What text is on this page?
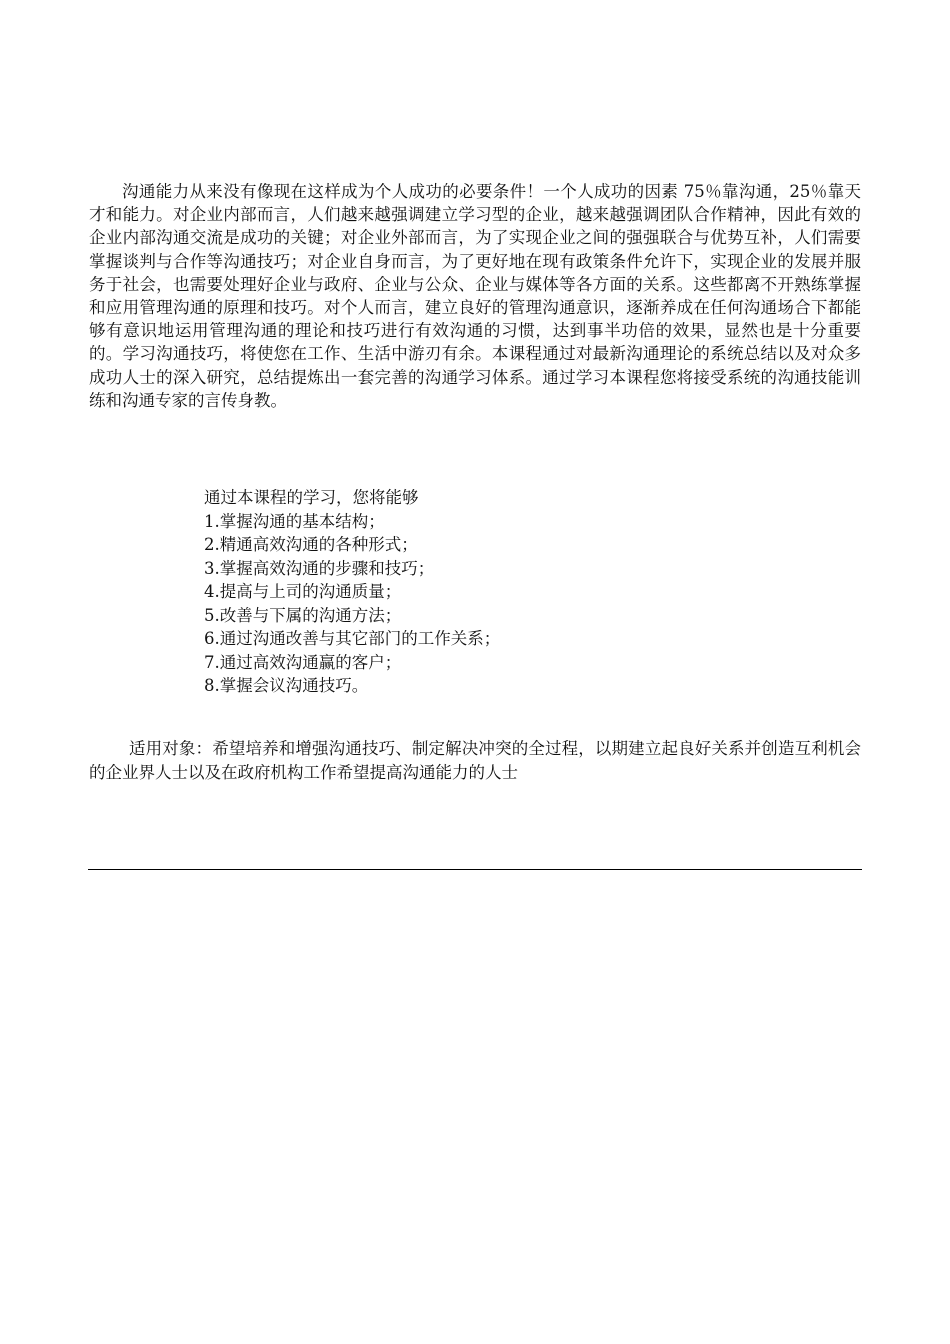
沟通能力从来没有像现在这样成为个人成功的必要条件！一个人成功的因素 75％靠沟通，25％靠天才和能力。对企业内部而言，人们越来越强调建立学习型的企业，越来越强调团队合作精神，因此有效的企业内部沟通交流是成功的关键；对企业外部而言，为了实现企业之间的强强联合与优势互补，人们需要掌握谈判与合作等沟通技巧；对企业自身而言，为了更好地在现有政策条件允许下，实现企业的发展并服务于社会，也需要处理好企业与政府、企业与公众、企业与媒体等各方面的关系。这些都离不开熟练掌握和应用管理沟通的原理和技巧。对个人而言，建立良好的管理沟通意识，逐渐养成在任何沟通场合下都能够有意识地运用管理沟通的理论和技巧进行有效沟通的习惯，达到事半功倍的效果，显然也是十分重要的。学习沟通技巧，将使您在工作、生活中游刃有余。本课程通过对最新沟通理论的系统总结以及对众多成功人士的深入研究，总结提炼出一套完善的沟通学习体系。通过学习本课程您将接受系统的沟通技能训练和沟通专家的言传身教。

通过本课程的学习，您将能够

1.掌握沟通的基本结构；
2.精通高效沟通的各种形式；
3.掌握高效沟通的步骤和技巧；
4.提高与上司的沟通质量；
5.改善与下属的沟通方法；
6.通过沟通改善与其它部门的工作关系；
7.通过高效沟通赢的客户；
8.掌握会议沟通技巧。

适用对象：希望培养和增强沟通技巧、制定解决冲突的全过程，以期建立起良好关系并创造互利机会的企业界人士以及在政府机构工作希望提高沟通能力的人士
